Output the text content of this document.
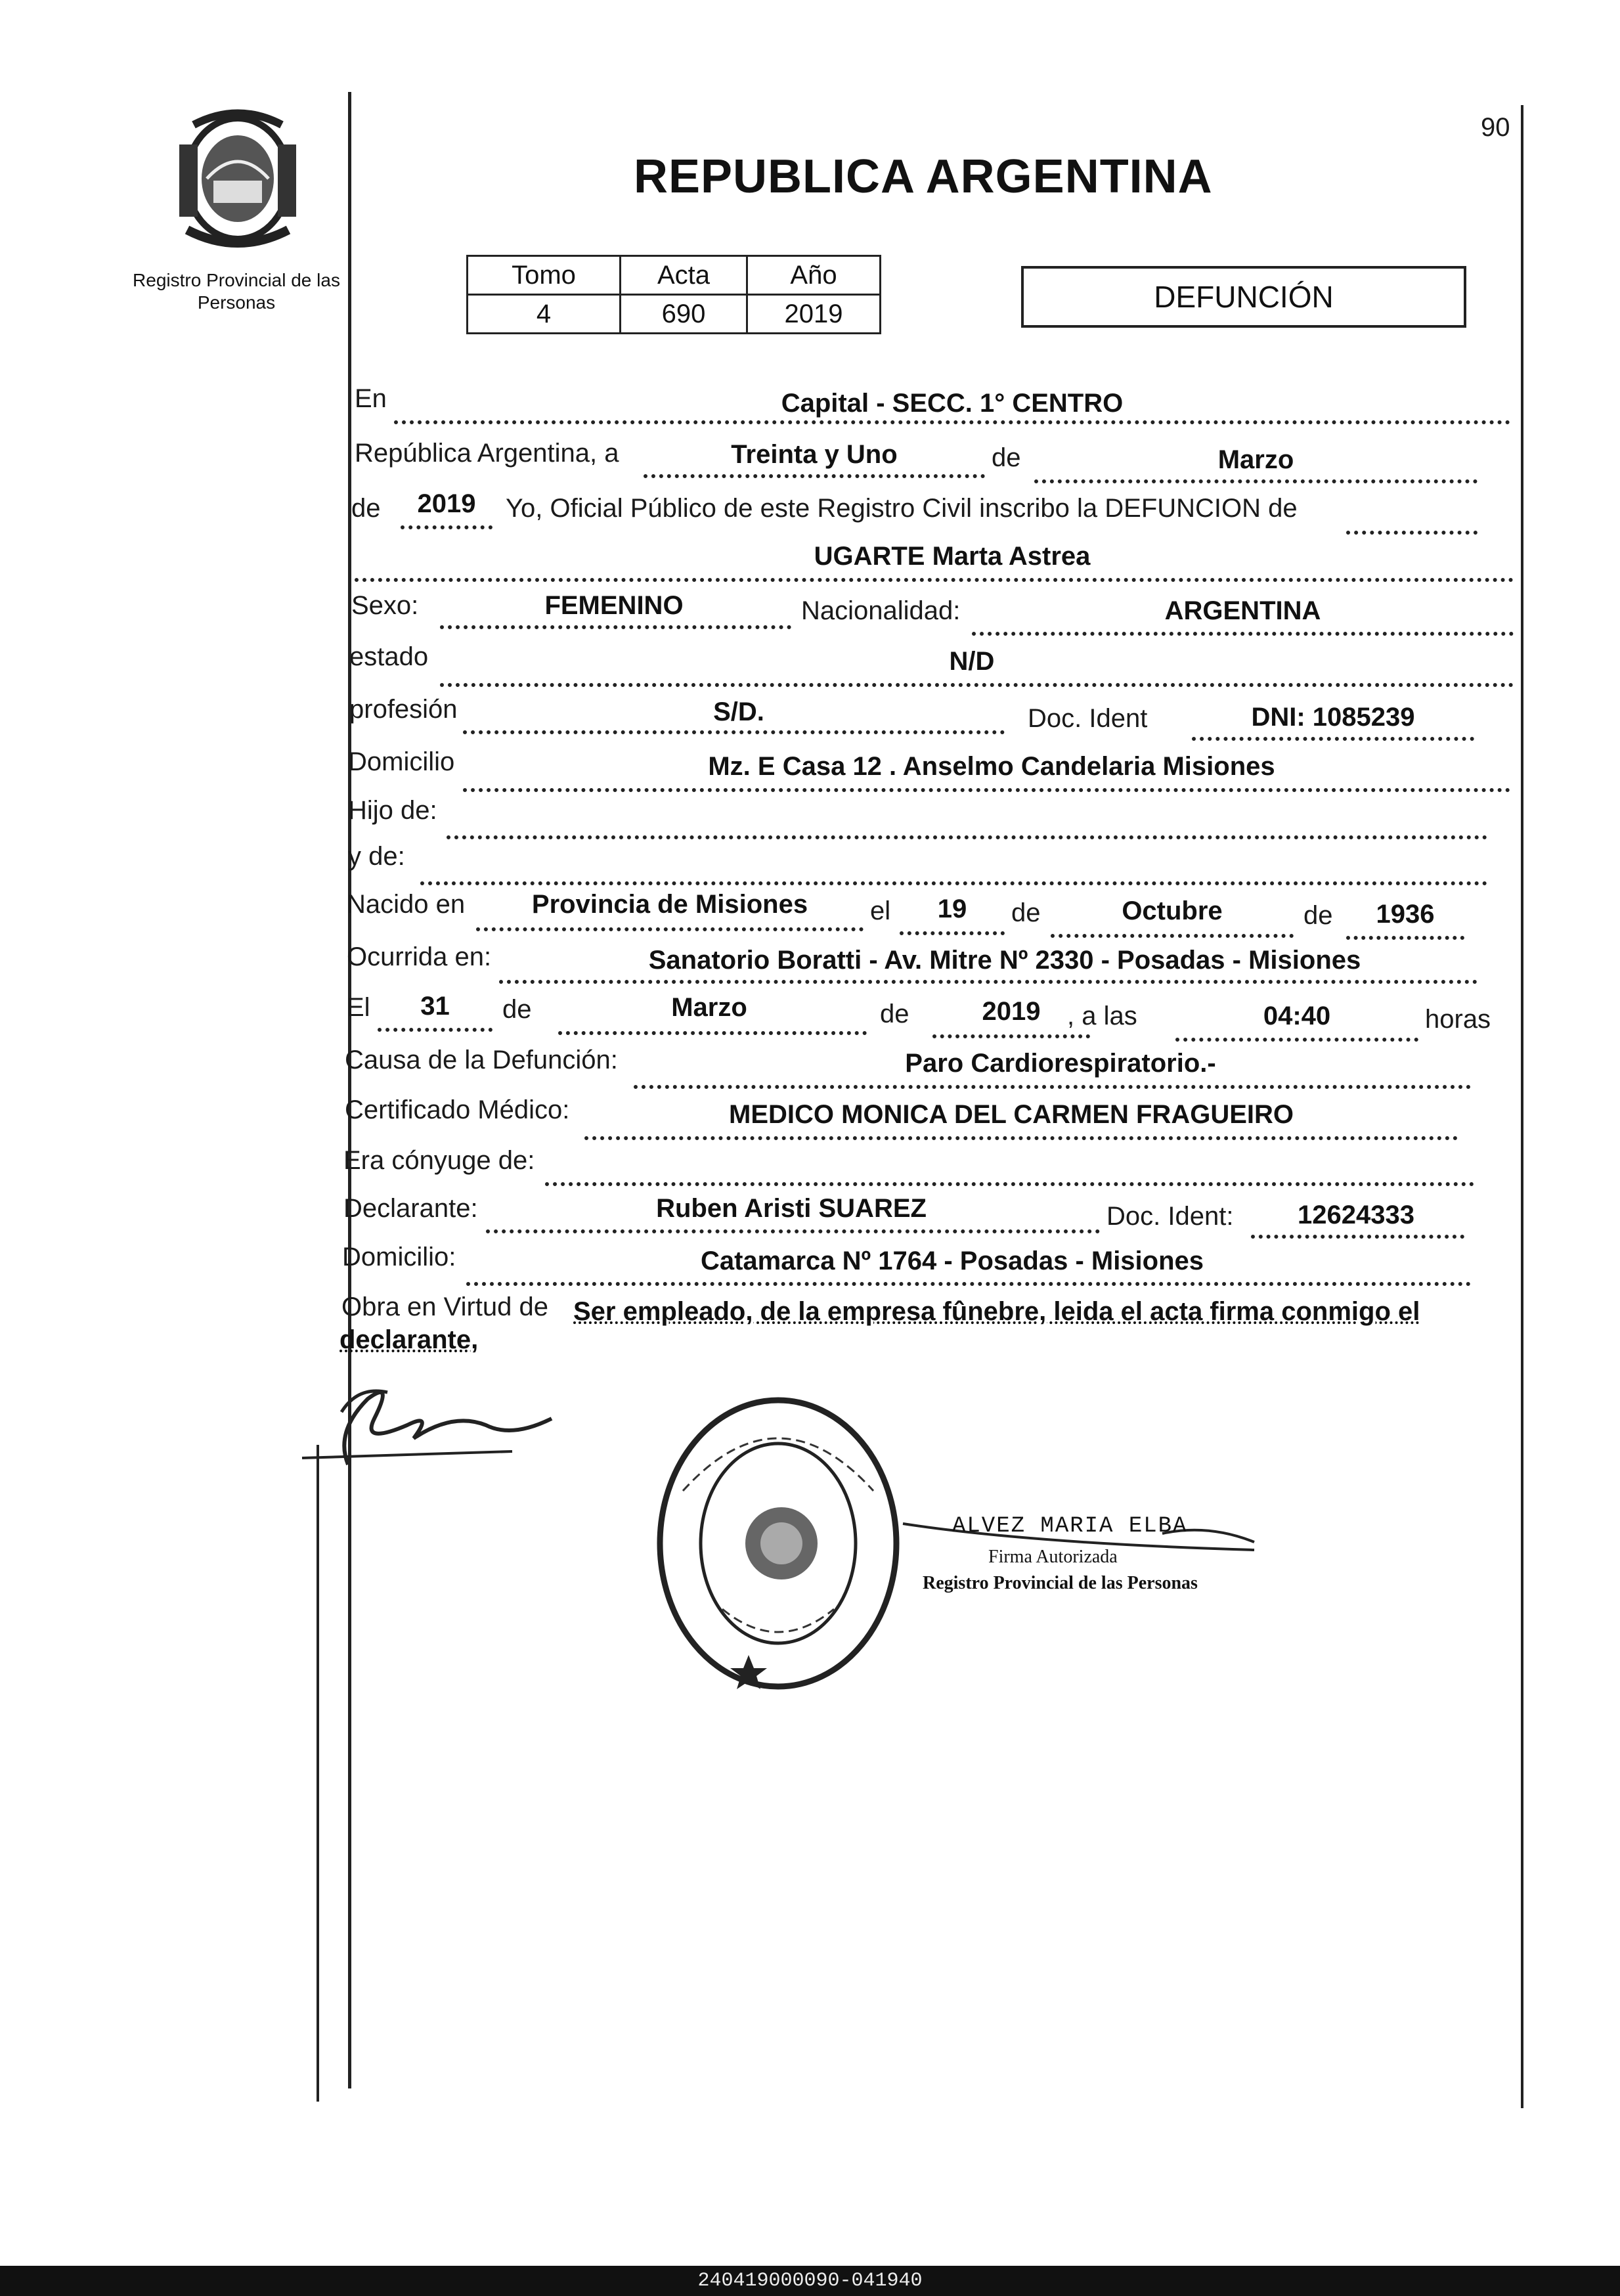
90
Registro Provincial de las Personas
REPUBLICA ARGENTINA
Tomo	Acta	Año
4	690	2019	DEFUNCIÓN
En	Capital - SECC. 1° CENTRO
República Argentina, a	Treinta y Uno	de	Marzo
de	2019	Yo, Oficial Público de este Registro Civil inscribo la DEFUNCION de
UGARTE Marta Astrea
Sexo:	FEMENINO	Nacionalidad:	ARGENTINA
estado	N/D
profesión	S/D.	Doc. Ident	DNI: 1085239
Domicilio	Mz. E Casa 12 . Anselmo Candelaria Misiones
Hijo de:
y de:
Nacido en	Provincia de Misiones	el	19	de	Octubre	de	1936
Ocurrida en:	Sanatorio Boratti - Av. Mitre Nº 2330 - Posadas - Misiones
El	31	de	Marzo	de	2019	, a las	04:40	horas
Causa de la Defunción:	Paro Cardiorespiratorio.-
Certificado Médico:	MEDICO MONICA DEL CARMEN FRAGUEIRO
Era cónyuge de:
Declarante:	Ruben Aristi SUAREZ	Doc. Ident:	12624333
Domicilio:	Catamarca Nº 1764 - Posadas - Misiones
Obra en Virtud de Ser empleado, de la empresa fûnebre, leida el acta firma conmigo el
declarante,
ALVEZ MARIA ELBA
Firma Autorizada
Registro Provincial de las Personas
240419000090-041940
